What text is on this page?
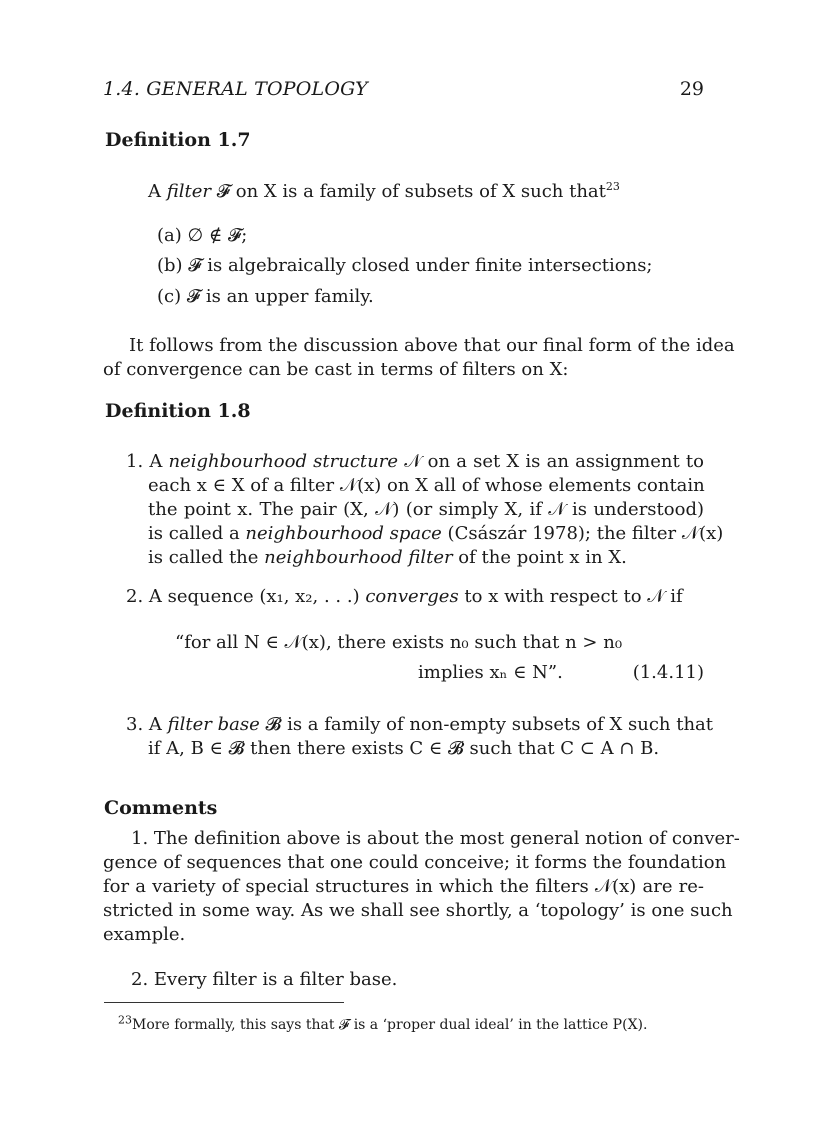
1.4. GENERAL TOPOLOGY	29
Definition 1.7
A filter 𝓕 on X is a family of subsets of X such that$^{23}$
(a) ∅ ∉ 𝓕;
(b) 𝓕 is algebraically closed under finite intersections;
(c) 𝓕 is an upper family.
It follows from the discussion above that our final form of the idea
of convergence can be cast in terms of filters on X:
Definition 1.8
1. A neighbourhood structure 𝒩 on a set X is an assignment to
each x ∈ X of a filter 𝒩(x) on X all of whose elements contain
the point x. The pair (X, 𝒩) (or simply X, if 𝒩 is understood)
is called a neighbourhood space (Császár 1978); the filter 𝒩(x)
is called the neighbourhood filter of the point x in X.
2. A sequence (x₁, x₂, . . .) converges to x with respect to 𝒩 if
“for all N ∈ 𝒩(x), there exists n₀ such that n > n₀
implies xₙ ∈ N”.	(1.4.11)
3. A filter base 𝓑 is a family of non-empty subsets of X such that
if A, B ∈ 𝓑 then there exists C ∈ 𝓑 such that C ⊂ A ∩ B.
Comments
1. The definition above is about the most general notion of conver-
gence of sequences that one could conceive; it forms the foundation
for a variety of special structures in which the filters 𝒩(x) are re-
stricted in some way. As we shall see shortly, a ‘topology’ is one such
example.
2. Every filter is a filter base.
$^{23}$More formally, this says that 𝓕 is a ‘proper dual ideal’ in the lattice P(X).
